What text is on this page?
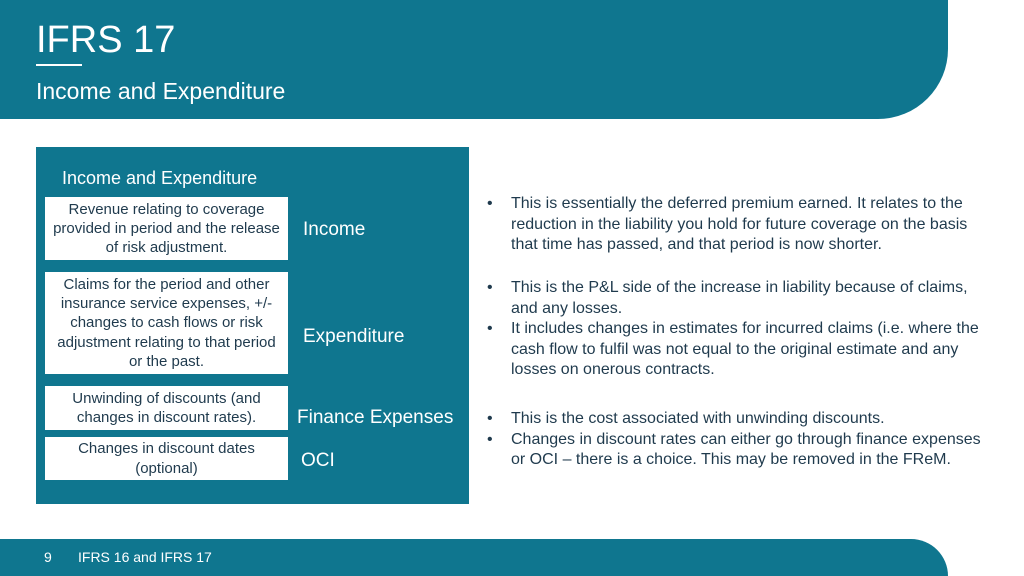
IFRS 17
Income and Expenditure
Income and Expenditure
Revenue relating to coverage provided in period and the release of risk adjustment.
Claims for the period and other insurance service expenses, +/- changes to cash flows or risk adjustment relating to that period or the past.
Unwinding of discounts (and changes in discount rates).
Changes in discount dates (optional)
Income
Expenditure
Finance Expenses
OCI
• This is essentially the deferred premium earned. It relates to the reduction in the liability you hold for future coverage on the basis that time has passed, and that period is now shorter.
• This is the P&L side of the increase in liability because of claims, and any losses.
• It includes changes in estimates for incurred claims (i.e. where the cash flow to fulfil was not equal to the original estimate and any losses on onerous contracts.
• This is the cost associated with unwinding discounts.
• Changes in discount rates can either go through finance expenses or OCI – there is a choice. This may be removed in the FReM.
9 IFRS 16 and IFRS 17
